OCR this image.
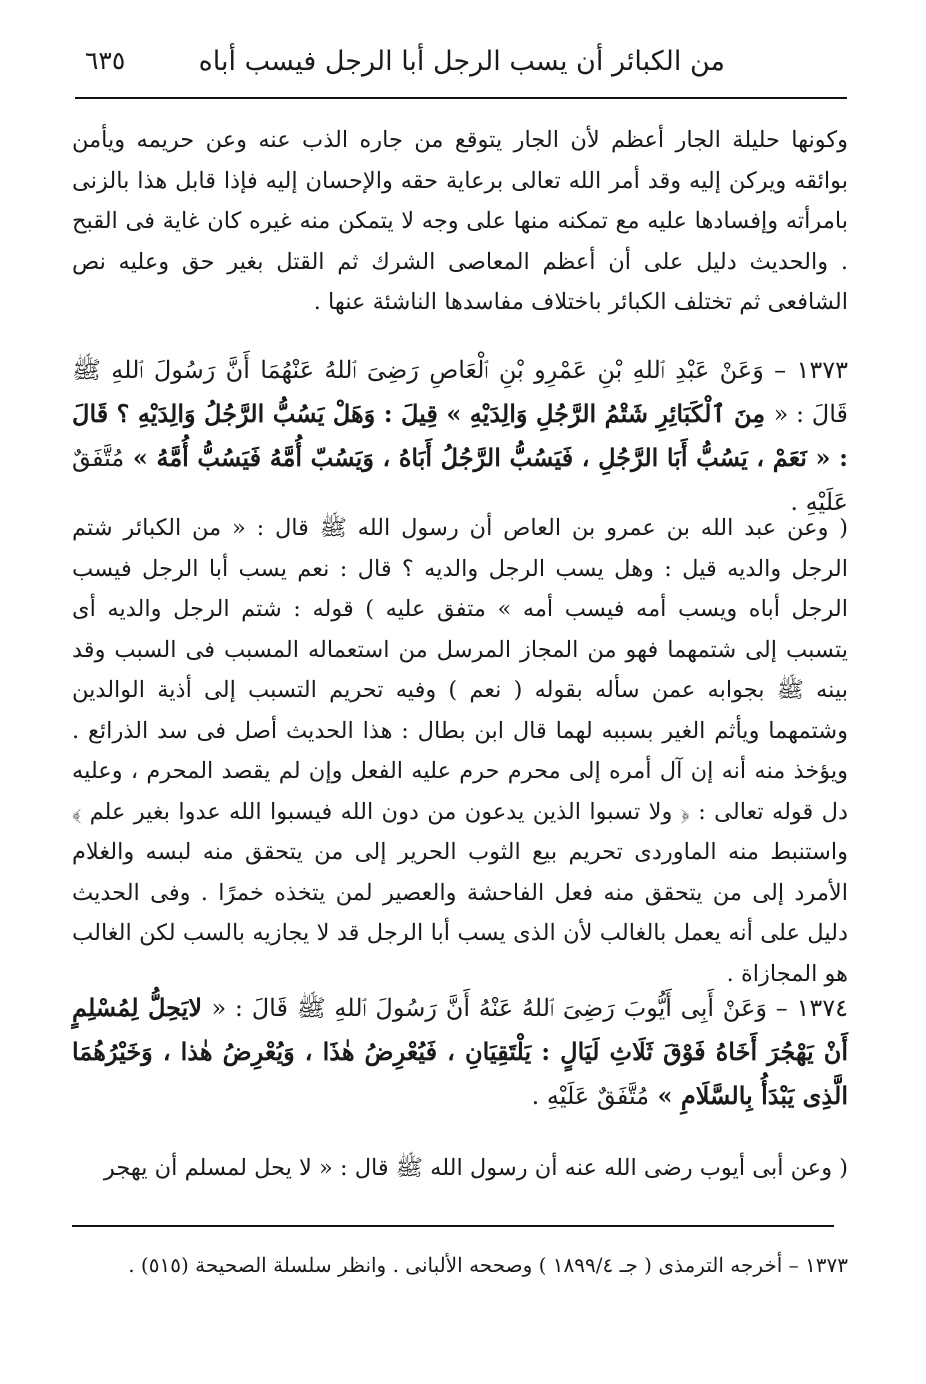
من الكبائر أن يسب الرجل أبا الرجل فيسب أباه
٦٣٥

وكونها حليلة الجار أعظم لأن الجار يتوقع من جاره الذب عنه وعن حريمه ويأمن بوائقه ويركن إليه وقد أمر الله تعالى برعاية حقه والإحسان إليه فإذا قابل هذا بالزنى بامرأته وإفسادها عليه مع تمكنه منها على وجه لا يتمكن منه غيره كان غاية فى القبح . والحديث دليل على أن أعظم المعاصى الشرك ثم القتل بغير حق وعليه نص الشافعى ثم تختلف الكبائر باختلاف مفاسدها الناشئة عنها .

١٣٧٣ – وَعَنْ عَبْدِ ٱللهِ بْنِ عَمْرِو بْنِ ٱلْعَاصِ رَضِىَ ٱللهُ عَنْهُمَا أَنَّ رَسُولَ ٱللهِ ﷺ قَالَ : « مِنَ ٱلْكَبَائِرِ شَتْمُ الرَّجُلِ وَالِدَيْهِ » قِيلَ : وَهَلْ يَسُبُّ الرَّجُلُ وَالِدَيْهِ ؟ قَالَ : « نَعَمْ ، يَسُبُّ أَبَا الرَّجُلِ ، فَيَسُبُّ الرَّجُلُ أَبَاهُ ، وَيَسُبّ أُمَّهُ فَيَسُبُّ أُمَّهُ » مُتَّفَقٌ عَلَيْهِ .

( وعن عبد الله بن عمرو بن العاص أن رسول الله ﷺ قال : « من الكبائر شتم الرجل والديه قيل : وهل يسب الرجل والديه ؟ قال : نعم يسب أبا الرجل فيسب الرجل أباه ويسب أمه فيسب أمه » متفق عليه ) قوله : شتم الرجل والديه أى يتسبب إلى شتمهما فهو من المجاز المرسل من استعماله المسبب فى السبب وقد بينه ﷺ بجوابه عمن سأله بقوله ( نعم ) وفيه تحريم التسبب إلى أذية الوالدين وشتمهما ويأثم الغير بسببه لهما قال ابن بطال : هذا الحديث أصل فى سد الذرائع . ويؤخذ منه أنه إن آل أمره إلى محرم حرم عليه الفعل وإن لم يقصد المحرم ، وعليه دل قوله تعالى : ﴿ ولا تسبوا الذين يدعون من دون الله فيسبوا الله عدوا بغير علم ﴾ واستنبط منه الماوردى تحريم بيع الثوب الحرير إلى من يتحقق منه لبسه والغلام الأمرد إلى من يتحقق منه فعل الفاحشة والعصير لمن يتخذه خمرًا . وفى الحديث دليل على أنه يعمل بالغالب لأن الذى يسب أبا الرجل قد لا يجازيه بالسب لكن الغالب هو المجازاة .

١٣٧٤ – وَعَنْ أَبِى أَيُّوبَ رَضِىَ ٱللهُ عَنْهُ أَنَّ رَسُولَ ٱللهِ ﷺ قَالَ : « لايَحِلُّ لِمُسْلِمٍ أَنْ يَهْجُرَ أَخَاهُ فَوْقَ ثَلَاثِ لَيَالٍ : يَلْتَقِيَانِ ، فَيُعْرِضُ هٰذَا ، وَيُعْرِضُ هٰذا ، وَخَيْرُهُمَا الَّذِى يَبْدَأُ بِالسَّلَامِ » مُتَّفَقٌ عَلَيْهِ .

( وعن أبى أيوب رضى الله عنه أن رسول الله ﷺ قال : « لا يحل لمسلم أن يهجر

١٣٧٣ – أخرجه الترمذى ( جـ ١٨٩٩/٤ ) وصححه الألبانى . وانظر سلسلة الصحيحة (٥١٥) .
